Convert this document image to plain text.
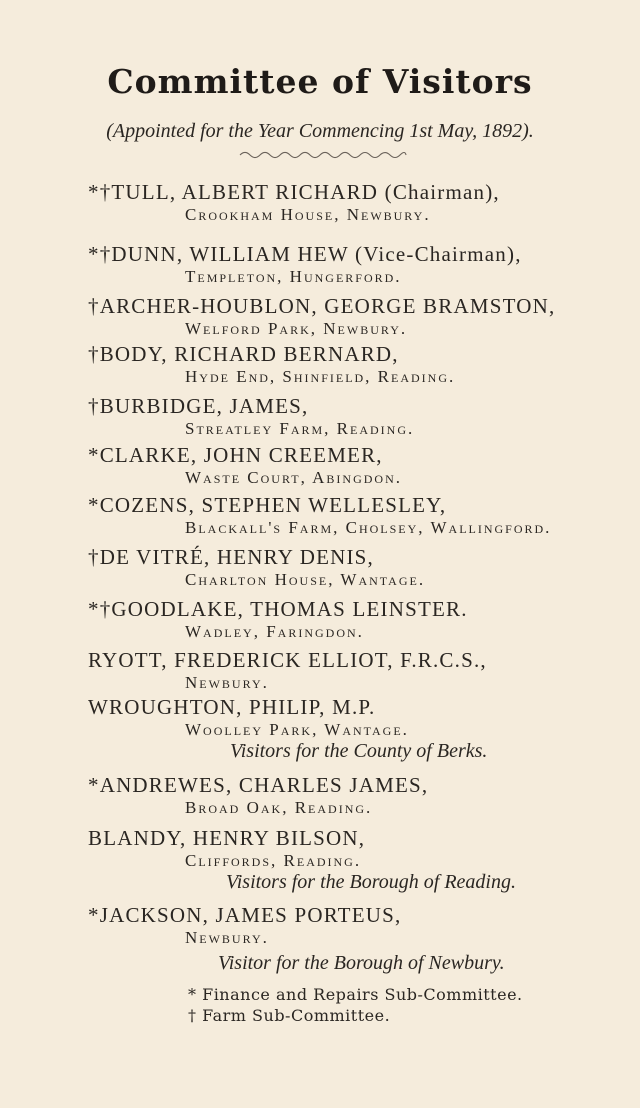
Committee of Visitors
(Appointed for the Year Commencing 1st May, 1892).
*†TULL, ALBERT RICHARD (Chairman),
Crookham House, Newbury.
*†DUNN, WILLIAM HEW (Vice-Chairman),
Templeton, Hungerford.
†ARCHER-HOUBLON, GEORGE BRAMSTON,
Welford Park, Newbury.
†BODY, RICHARD BERNARD,
Hyde End, Shinfield, Reading.
†BURBIDGE, JAMES,
Streatley Farm, Reading.
*CLARKE, JOHN CREEMER,
Waste Court, Abingdon.
*COZENS, STEPHEN WELLESLEY,
Blackall's Farm, Cholsey, Wallingford.
†DE VITRÉ, HENRY DENIS,
Charlton House, Wantage.
*†GOODLAKE, THOMAS LEINSTER.
Wadley, Faringdon.
RYOTT, FREDERICK ELLIOT, F.R.C.S.,
Newbury.
WROUGHTON, PHILIP, M.P.
Woolley Park, Wantage.
Visitors for the County of Berks.
*ANDREWES, CHARLES JAMES,
Broad Oak, Reading.
BLANDY, HENRY BILSON,
Cliffords, Reading.
Visitors for the Borough of Reading.
*JACKSON, JAMES PORTEUS,
Newbury.
Visitor for the Borough of Newbury.
* Finance and Repairs Sub-Committee.
† Farm Sub-Committee.
